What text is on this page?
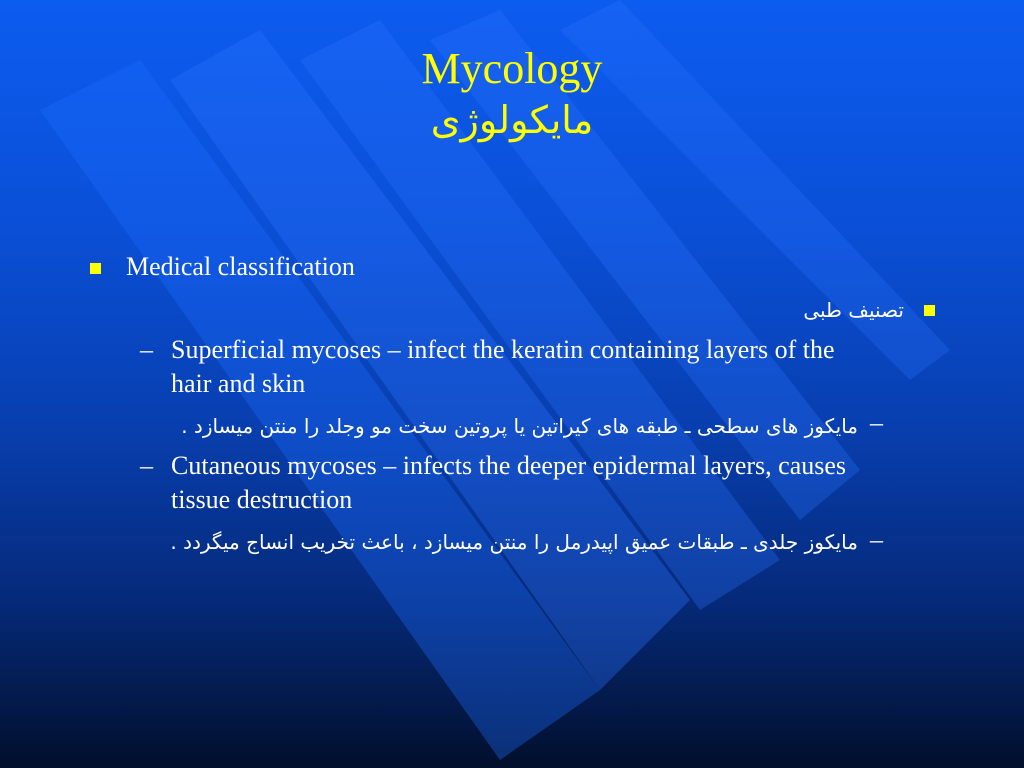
Mycology
مایکولوژی
Medical classification
تصنیف طبی
– Superficial mycoses – infect the keratin containing layers of the
hair and skin
–
مایکوز های سطحی ـ طبقه های کیراتین یا پروتین سخت مو وجلد را منتن میسازد .
– Cutaneous mycoses – infects the deeper epidermal layers, causes
tissue destruction
–
مایکوز جلدی ـ طبقات عمیق اپیدرمل را منتن میسازد ، باعث تخریب انساج میگردد .
